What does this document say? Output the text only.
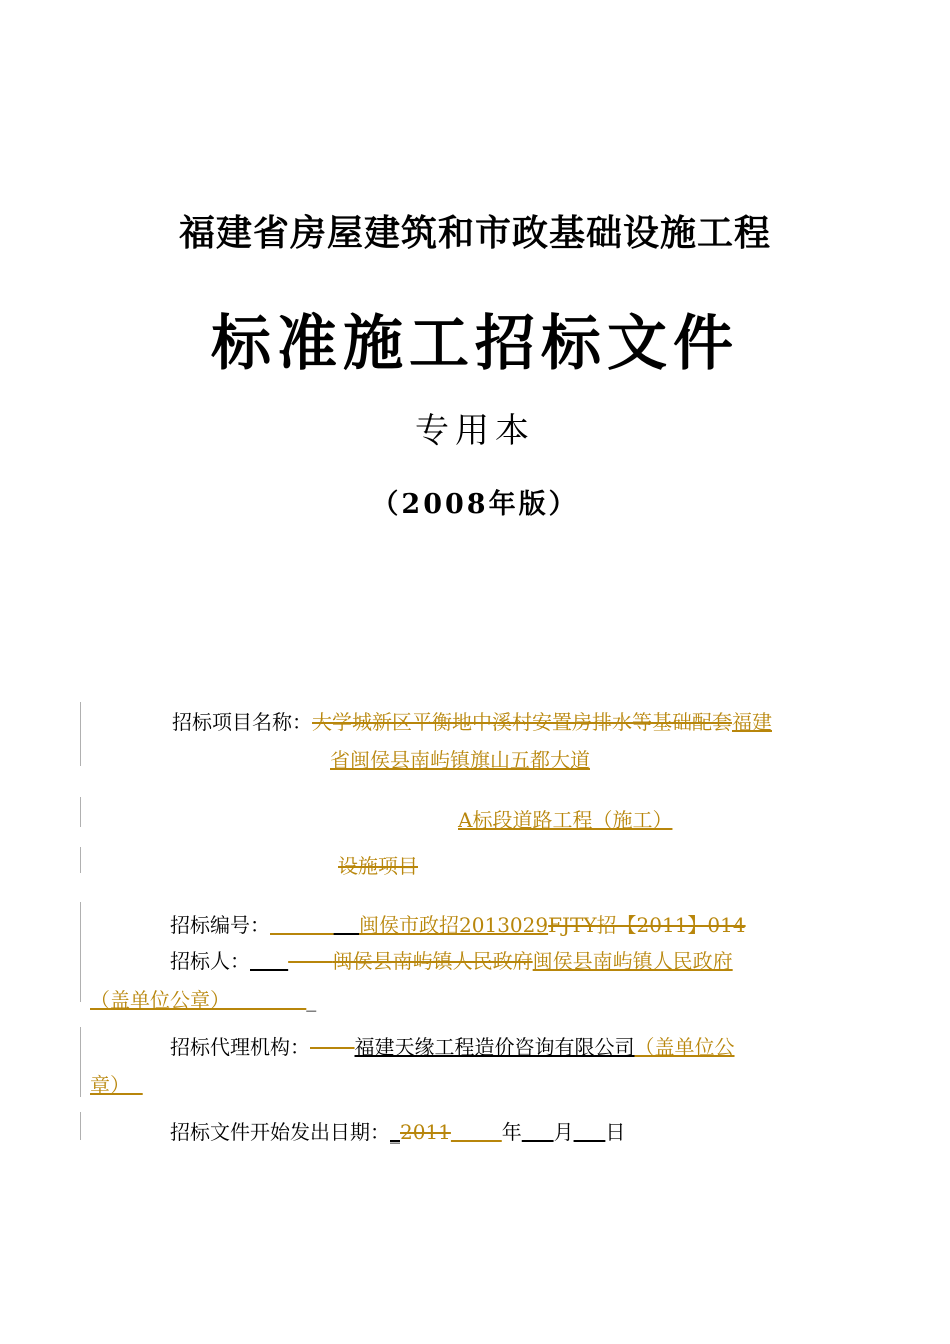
福建省房屋建筑和市政基础设施工程
标准施工招标文件
专用本
（2008年版）
招标项目名称：大学城新区平衡地中溪村安置房排水等基础配套福建
省闽侯县南屿镇旗山五都大道
A标段道路工程（施工）
设施项目
招标编号：	闽侯市政招2013029FJTY招【2011】014
招标人：	闽侯县南屿镇人民政府闽侯县南屿镇人民政府
（盖单位公章）	_
招标代理机构： 福建天缘工程造价咨询有限公司（盖单位公
章）
招标文件开始发出日期：_2011	年 月 日
